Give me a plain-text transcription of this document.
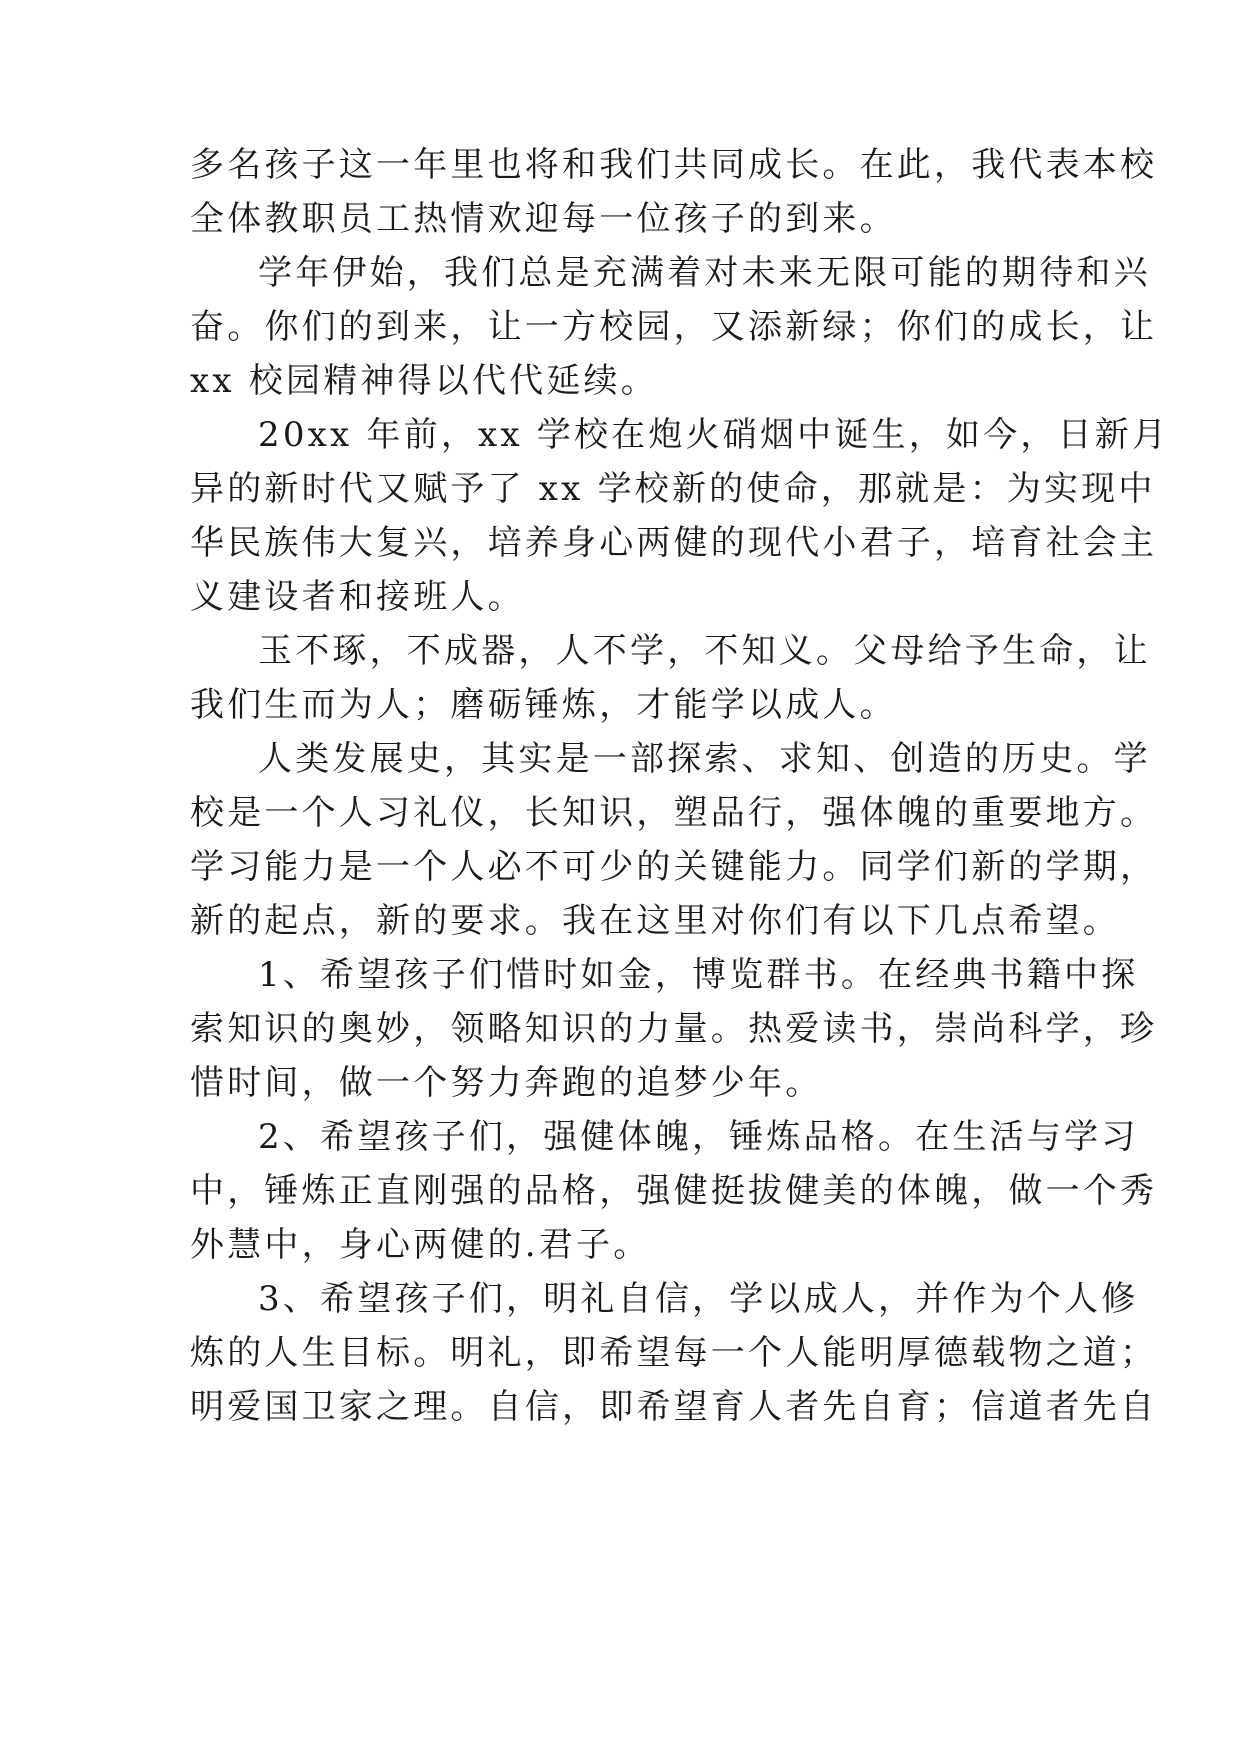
多名孩子这一年里也将和我们共同成长。在此，我代表本校
全体教职员工热情欢迎每一位孩子的到来。
学年伊始，我们总是充满着对未来无限可能的期待和兴
奋。你们的到来，让一方校园，又添新绿；你们的成长，让
xx 校园精神得以代代延续。
20xx 年前，xx 学校在炮火硝烟中诞生，如今，日新月
异的新时代又赋予了 xx 学校新的使命，那就是：为实现中
华民族伟大复兴，培养身心两健的现代小君子，培育社会主
义建设者和接班人。
玉不琢，不成器，人不学，不知义。父母给予生命，让
我们生而为人；磨砺锤炼，才能学以成人。
人类发展史，其实是一部探索、求知、创造的历史。学
校是一个人习礼仪，长知识，塑品行，强体魄的重要地方。
学习能力是一个人必不可少的关键能力。同学们新的学期，
新的起点，新的要求。我在这里对你们有以下几点希望。
1、希望孩子们惜时如金，博览群书。在经典书籍中探
索知识的奥妙，领略知识的力量。热爱读书，崇尚科学，珍
惜时间，做一个努力奔跑的追梦少年。
2、希望孩子们，强健体魄，锤炼品格。在生活与学习
中，锤炼正直刚强的品格，强健挺拔健美的体魄，做一个秀
外慧中，身心两健的.君子。
3、希望孩子们，明礼自信，学以成人，并作为个人修
炼的人生目标。明礼，即希望每一个人能明厚德载物之道；
明爱国卫家之理。自信，即希望育人者先自育；信道者先自
